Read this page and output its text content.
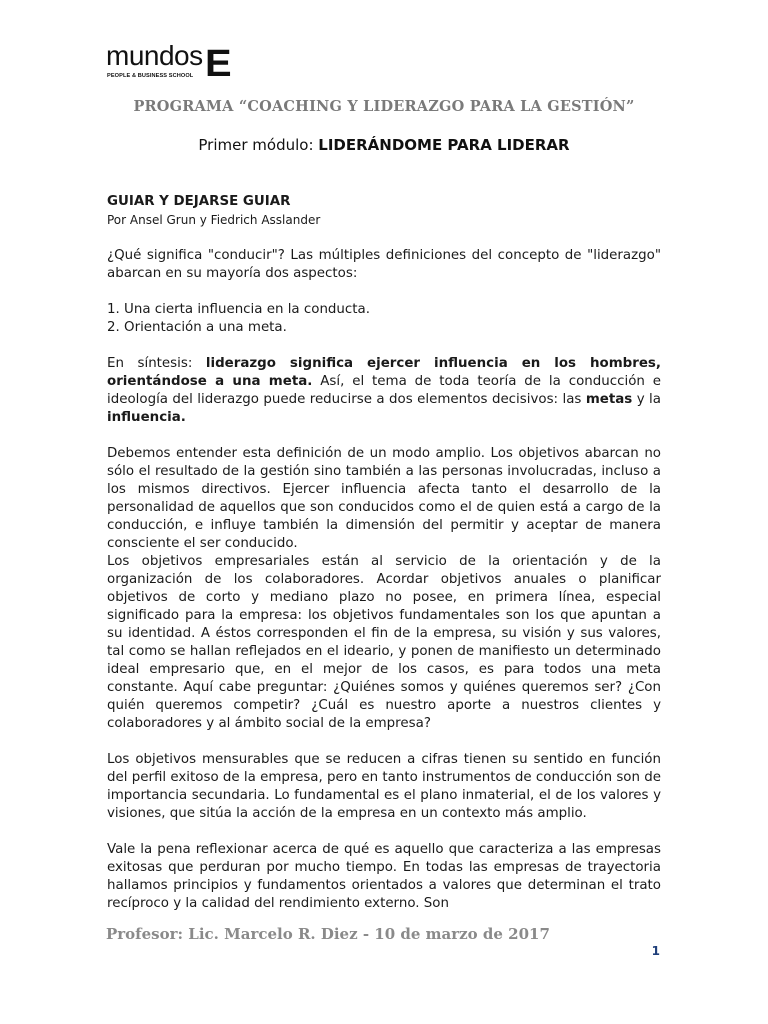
mundos E
PEOPLE & BUSINESS SCHOOL
PROGRAMA “COACHING Y LIDERAZGO PARA LA GESTIÓN”
Primer módulo: LIDERÁNDOME PARA LIDERAR
GUIAR Y DEJARSE GUIAR
Por Ansel Grun y Fiedrich Asslander

¿Qué significa "conducir"? Las múltiples definiciones del concepto de "liderazgo" abarcan en su mayoría dos aspectos:

1. Una cierta influencia en la conducta.

2. Orientación a una meta.

En síntesis: liderazgo significa ejercer influencia en los hombres, orientándose a una meta. Así, el tema de toda teoría de la conducción e ideología del liderazgo puede reducirse a dos elementos decisivos: las metas y la influencia.

Debemos entender esta definición de un modo amplio. Los objetivos abarcan no sólo el resultado de la gestión sino también a las personas involucradas, incluso a los mismos directivos. Ejercer influencia afecta tanto el desarrollo de la personalidad de aquellos que son conducidos como el de quien está a cargo de la conducción, e influye también la dimensión del permitir y aceptar de manera consciente el ser conducido.

Los objetivos empresariales están al servicio de la orientación y de la organización de los colaboradores. Acordar objetivos anuales o planificar objetivos de corto y mediano plazo no posee, en primera línea, especial significado para la empresa: los objetivos fundamentales son los que apuntan a su identidad. A éstos corresponden el fin de la empresa, su visión y sus valores, tal como se hallan reflejados en el ideario, y ponen de manifiesto un determinado ideal empresario que, en el mejor de los casos, es para todos una meta constante. Aquí cabe preguntar: ¿Quiénes somos y quiénes queremos ser? ¿Con quién queremos competir? ¿Cuál es nuestro aporte a nuestros clientes y colaboradores y al ámbito social de la empresa?

Los objetivos mensurables que se reducen a cifras tienen su sentido en función del perfil exitoso de la empresa, pero en tanto instrumentos de conducción son de importancia secundaria. Lo fundamental es el plano inmaterial, el de los valores y visiones, que sitúa la acción de la empresa en un contexto más amplio.

Vale la pena reflexionar acerca de qué es aquello que caracteriza a las empresas exitosas que perduran por mucho tiempo. En todas las empresas de trayectoria hallamos principios y fundamentos orientados a valores que determinan el trato recíproco y la calidad del rendimiento externo. Son

Profesor: Lic. Marcelo R. Diez - 10 de marzo de 2017
1
